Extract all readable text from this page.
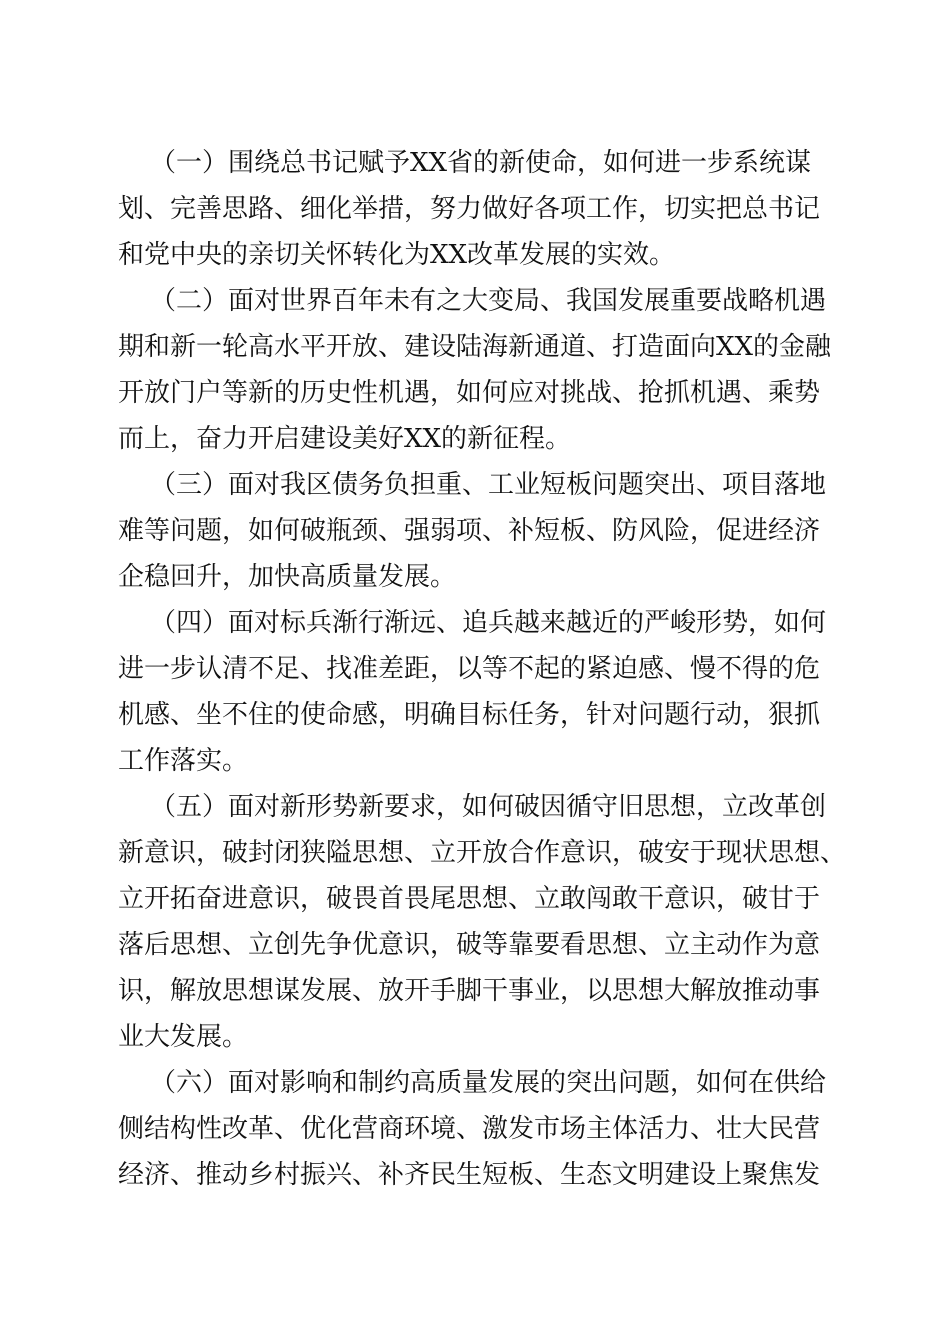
（一）围绕总书记赋予XX省的新使命，如何进一步系统谋

划、完善思路、细化举措，努力做好各项工作，切实把总书记

和党中央的亲切关怀转化为XX改革发展的实效。

（二）面对世界百年未有之大变局、我国发展重要战略机遇

期和新一轮高水平开放、建设陆海新通道、打造面向XX的金融

开放门户等新的历史性机遇，如何应对挑战、抢抓机遇、乘势

而上，奋力开启建设美好XX的新征程。

（三）面对我区债务负担重、工业短板问题突出、项目落地

难等问题，如何破瓶颈、强弱项、补短板、防风险，促进经济

企稳回升，加快高质量发展。

（四）面对标兵渐行渐远、追兵越来越近的严峻形势，如何

进一步认清不足、找准差距，以等不起的紧迫感、慢不得的危

机感、坐不住的使命感，明确目标任务，针对问题行动，狠抓

工作落实。

（五）面对新形势新要求，如何破因循守旧思想，立改革创

新意识，破封闭狭隘思想、立开放合作意识，破安于现状思想、

立开拓奋进意识，破畏首畏尾思想、立敢闯敢干意识，破甘于

落后思想、立创先争优意识，破等靠要看思想、立主动作为意

识，解放思想谋发展、放开手脚干事业，以思想大解放推动事

业大发展。

（六）面对影响和制约高质量发展的突出问题，如何在供给

侧结构性改革、优化营商环境、激发市场主体活力、壮大民营

经济、推动乡村振兴、补齐民生短板、生态文明建设上聚焦发
